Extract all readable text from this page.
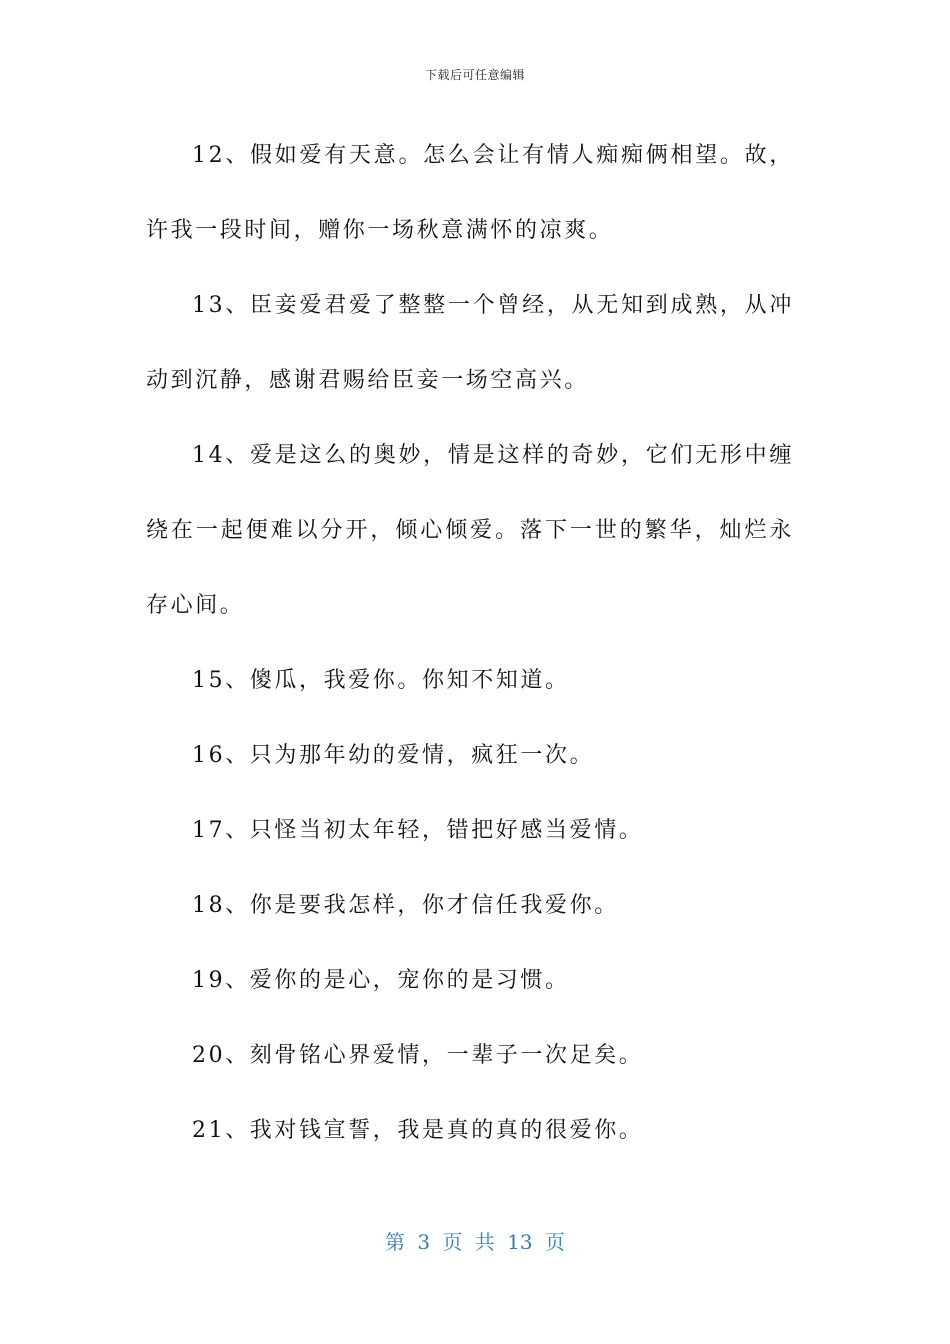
下载后可任意编辑

12、假如爱有天意。怎么会让有情人痴痴俩相望。故，许我一段时间，赠你一场秋意满怀的凉爽。

13、臣妾爱君爱了整整一个曾经，从无知到成熟，从冲动到沉静，感谢君赐给臣妾一场空高兴。

14、爱是这么的奥妙，情是这样的奇妙，它们无形中缠绕在一起便难以分开，倾心倾爱。落下一世的繁华，灿烂永存心间。

15、傻瓜，我爱你。你知不知道。

16、只为那年幼的爱情，疯狂一次。

17、只怪当初太年轻，错把好感当爱情。

18、你是要我怎样，你才信任我爱你。

19、爱你的是心，宠你的是习惯。

20、刻骨铭心界爱情，一辈子一次足矣。

21、我对钱宣誓，我是真的真的很爱你。

第 3 页 共 13 页
